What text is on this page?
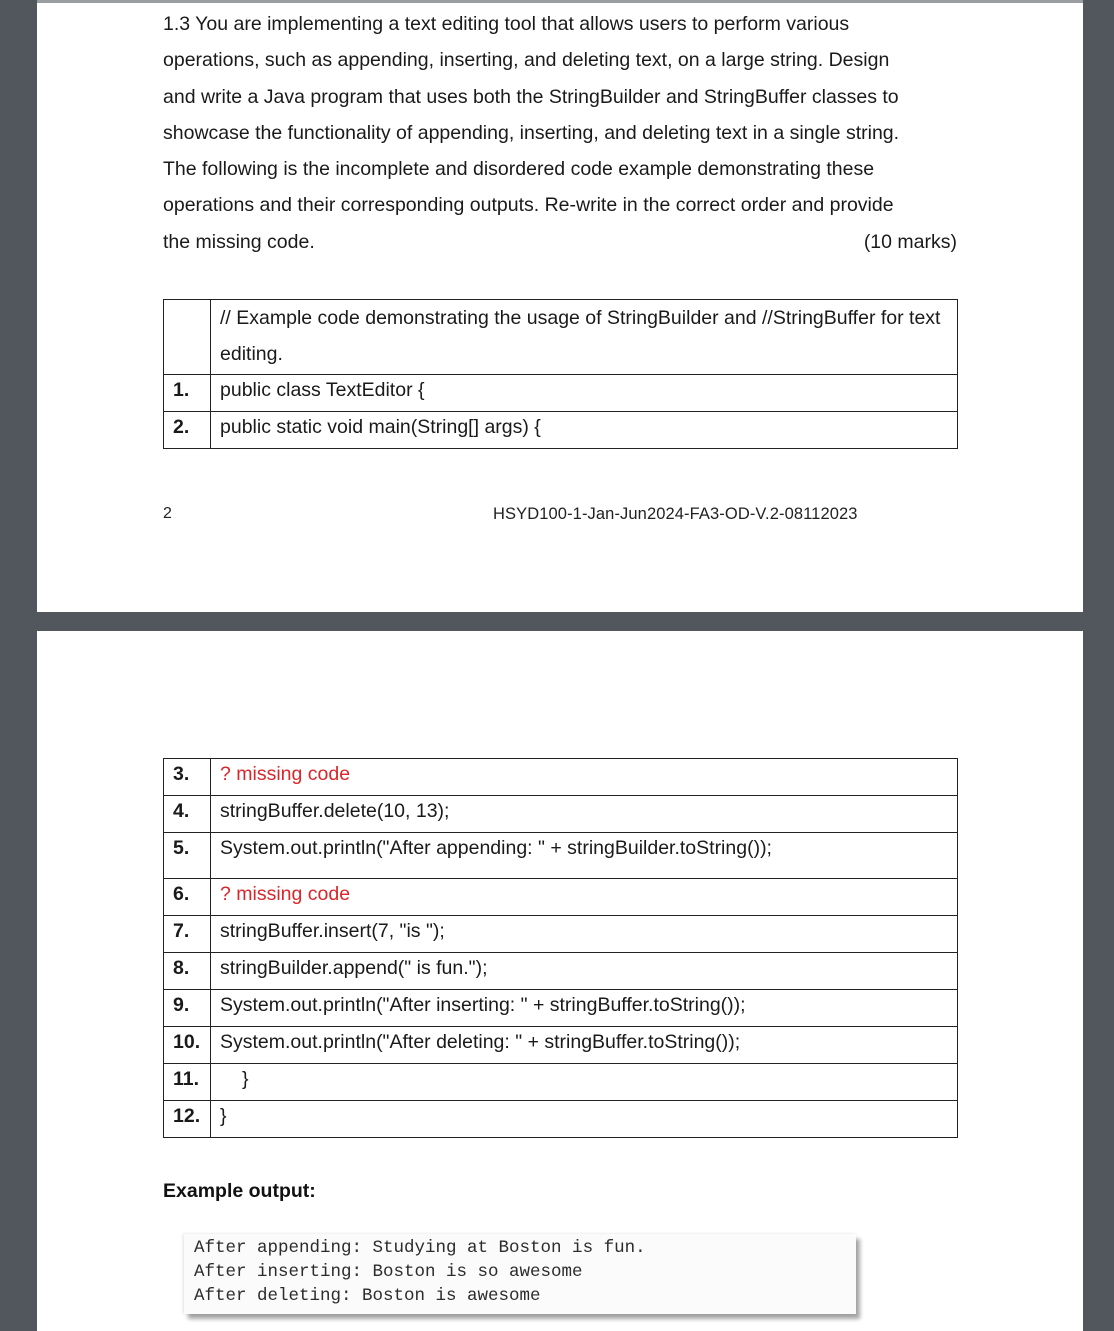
1.3 You are implementing a text editing tool that allows users to perform various
operations, such as appending, inserting, and deleting text, on a large string. Design
and write a Java program that uses both the StringBuilder and StringBuffer classes to
showcase the functionality of appending, inserting, and deleting text in a single string.
The following is the incomplete and disordered code example demonstrating these
operations and their corresponding outputs. Re-write in the correct order and provide
the missing code.	(10 marks)

	// Example code demonstrating the usage of StringBuilder and //StringBuffer for text editing.

1.	public class TextEditor {

2.	public static void main(String[] args) {
2	HSYD100-1-Jan-Jun2024-FA3-OD-V.2-08112023
3.	? missing code

4.	stringBuffer.delete(10, 13);

5.	System.out.println("After appending: " + stringBuilder.toString());

6.	? missing code

7.	stringBuffer.insert(7, "is ");

8.	stringBuilder.append(" is fun.");

9.	System.out.println("After inserting: " + stringBuffer.toString());

10.	System.out.println("After deleting: " + stringBuffer.toString());

11.	}

12.	}
Example output:
After appending: Studying at Boston is fun.
After inserting: Boston is so awesome
After deleting: Boston is awesome
